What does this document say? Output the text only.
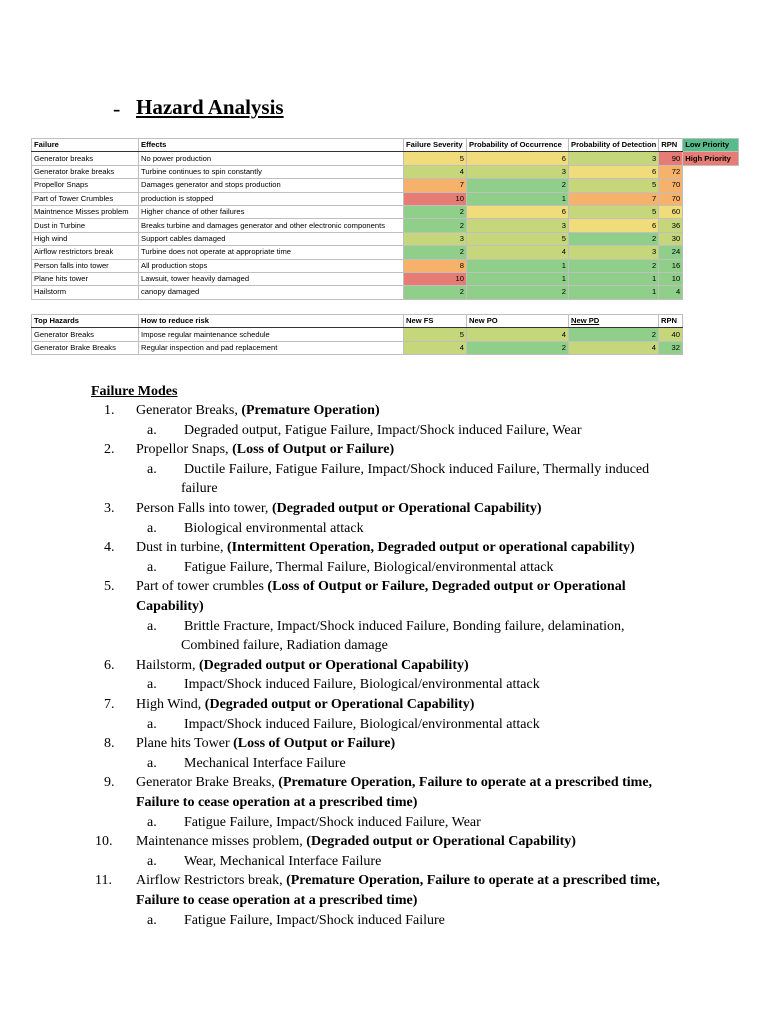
- Hazard Analysis
Failure	Effects	Failure Severity	Probability of Occurrence	Probability of Detection	RPN	Low Priority
Generator breaks	No power production	5	6	3	90	High Priority
Generator brake breaks	Turbine continues to spin constantly	4	3	6	72	
Propellor Snaps	Damages generator and stops production	7	2	5	70	
Part of Tower Crumbles	production is stopped	10	1	7	70	
Maintnence Misses problem	Higher chance of other failures	2	6	5	60	
Dust in Turbine	Breaks turbine and damages generator and other electronic components	2	3	6	36	
High wind	Support cables damaged	3	5	2	30	
Airflow restrictors break	Turbine does not operate at appropriate time	2	4	3	24	
Person falls into tower	All production stops	8	1	2	16	
Plane hits tower	Lawsuit, tower heavily damaged	10	1	1	10	
Hailstorm	canopy damaged	2	2	1	4	
Top Hazards	How to reduce risk	New FS	New PO	New PD	RPN
Generator Breaks	Impose regular maintenance schedule	5	4	2	40
Generator Brake Breaks	Regular inspection and pad replacement	4	2	4	32
Failure Modes
1. Generator Breaks, (Premature Operation)
a. Degraded output, Fatigue Failure, Impact/Shock induced Failure, Wear
2. Propellor Snaps, (Loss of Output or Failure)
a. Ductile Failure, Fatigue Failure, Impact/Shock induced Failure, Thermally induced
failure
3. Person Falls into tower, (Degraded output or Operational Capability)
a. Biological environmental attack
4. Dust in turbine, (Intermittent Operation, Degraded output or operational capability)
a. Fatigue Failure, Thermal Failure, Biological/environmental attack
5. Part of tower crumbles (Loss of Output or Failure, Degraded output or Operational
Capability)
a. Brittle Fracture, Impact/Shock induced Failure, Bonding failure, delamination,
Combined failure, Radiation damage
6. Hailstorm, (Degraded output or Operational Capability)
a. Impact/Shock induced Failure, Biological/environmental attack
7. High Wind, (Degraded output or Operational Capability)
a. Impact/Shock induced Failure, Biological/environmental attack
8. Plane hits Tower (Loss of Output or Failure)
a. Mechanical Interface Failure
9. Generator Brake Breaks, (Premature Operation, Failure to operate at a prescribed time,
Failure to cease operation at a prescribed time)
a. Fatigue Failure, Impact/Shock induced Failure, Wear
10. Maintenance misses problem, (Degraded output or Operational Capability)
a. Wear, Mechanical Interface Failure
11. Airflow Restrictors break, (Premature Operation, Failure to operate at a prescribed time,
Failure to cease operation at a prescribed time)
a. Fatigue Failure, Impact/Shock induced Failure
